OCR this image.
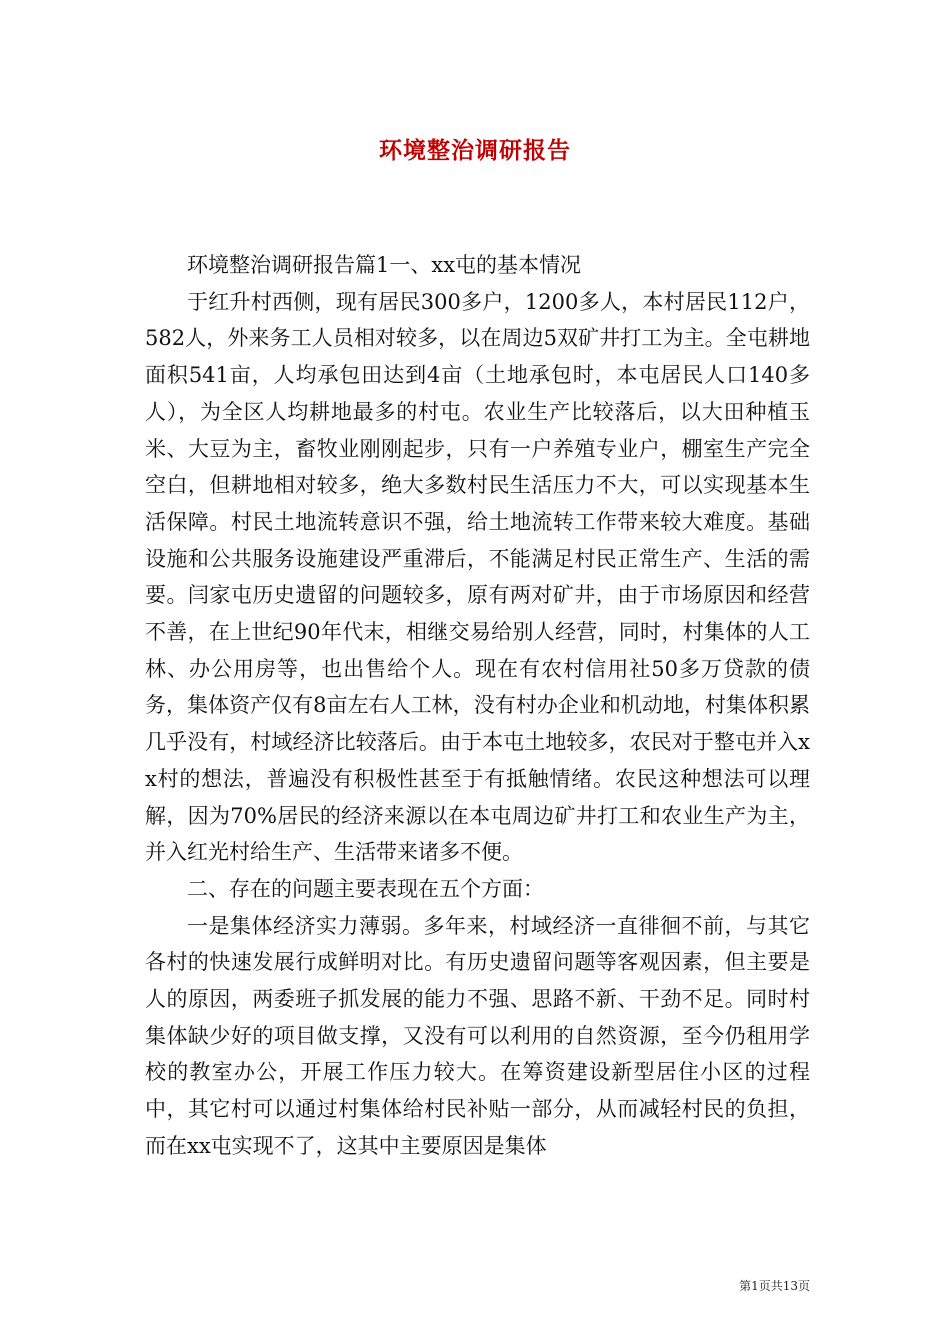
环境整治调研报告

环境整治调研报告篇1一、xx屯的基本情况

于红升村西侧，现有居民300多户，1200多人，本村居民112户，582人，外来务工人员相对较多，以在周边5双矿井打工为主。全屯耕地面积541亩，人均承包田达到4亩（土地承包时，本屯居民人口140多人），为全区人均耕地最多的村屯。农业生产比较落后，以大田种植玉米、大豆为主，畜牧业刚刚起步，只有一户养殖专业户，棚室生产完全空白，但耕地相对较多，绝大多数村民生活压力不大，可以实现基本生活保障。村民土地流转意识不强，给土地流转工作带来较大难度。基础设施和公共服务设施建设严重滞后，不能满足村民正常生产、生活的需要。闫家屯历史遗留的问题较多，原有两对矿井，由于市场原因和经营不善，在上世纪90年代末，相继交易给别人经营，同时，村集体的人工林、办公用房等，也出售给个人。现在有农村信用社50多万贷款的债务，集体资产仅有8亩左右人工林，没有村办企业和机动地，村集体积累几乎没有，村域经济比较落后。由于本屯土地较多，农民对于整屯并入xx村的想法，普遍没有积极性甚至于有抵触情绪。农民这种想法可以理解，因为70%居民的经济来源以在本屯周边矿井打工和农业生产为主，并入红光村给生产、生活带来诸多不便。

二、存在的问题主要表现在五个方面：

一是集体经济实力薄弱。多年来，村域经济一直徘徊不前，与其它各村的快速发展行成鲜明对比。有历史遗留问题等客观因素，但主要是人的原因，两委班子抓发展的能力不强、思路不新、干劲不足。同时村集体缺少好的项目做支撑，又没有可以利用的自然资源，至今仍租用学校的教室办公，开展工作压力较大。在筹资建设新型居住小区的过程中，其它村可以通过村集体给村民补贴一部分，从而减轻村民的负担，而在xx屯实现不了，这其中主要原因是集体

第1页共13页
